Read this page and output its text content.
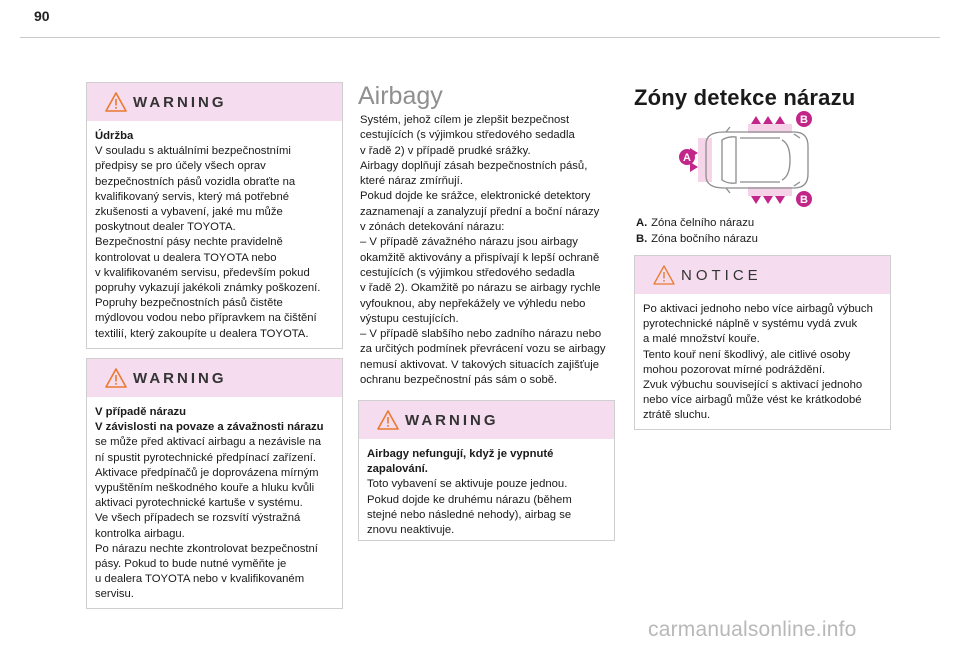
90
WARNING
Údržba
V souladu s aktuálními bezpečnostními
předpisy se pro účely všech oprav
bezpečnostních pásů vozidla obraťte na
kvalifikovaný servis, který má potřebné
zkušenosti a vybavení, jaké mu může
poskytnout dealer TOYOTA.
Bezpečnostní pásy nechte pravidelně
kontrolovat u dealera TOYOTA nebo
v kvalifikovaném servisu, především pokud
popruhy vykazují jakékoli známky poškození.
Popruhy bezpečnostních pásů čistěte
mýdlovou vodou nebo přípravkem na čištění
textilií, který zakoupíte u dealera TOYOTA.
WARNING
V případě nárazu
V závislosti na povaze a závažnosti nárazu
se může před aktivací airbagu a nezávisle na
ní spustit pyrotechnické předpínací zařízení.
Aktivace předpínačů je doprovázena mírným
vypuštěním neškodného kouře a hluku kvůli
aktivaci pyrotechnické kartuše v systému.
Ve všech případech se rozsvítí výstražná
kontrolka airbagu.
Po nárazu nechte zkontrolovat bezpečnostní
pásy. Pokud to bude nutné vyměňte je
u dealera TOYOTA nebo v kvalifikovaném
servisu.
Airbagy
Systém, jehož cílem je zlepšit bezpečnost
cestujících (s výjimkou středového sedadla
v řadě 2) v případě prudké srážky.
Airbagy doplňují zásah bezpečnostních pásů,
které náraz zmírňují.
Pokud dojde ke srážce, elektronické detektory
zaznamenají a zanalyzují přední a boční nárazy
v zónách detekování nárazu:
– V případě závažného nárazu jsou airbagy
okamžitě aktivovány a přispívají k lepší ochraně
cestujících (s výjimkou středového sedadla
v řadě 2). Okamžitě po nárazu se airbagy rychle
vyfouknou, aby nepřekážely ve výhledu nebo
výstupu cestujících.
– V případě slabšího nebo zadního nárazu nebo
za určitých podmínek převrácení vozu se airbagy
nemusí aktivovat. V takových situacích zajišťuje
ochranu bezpečnostní pás sám o sobě.
WARNING
Airbagy nefungují, když je vypnuté
zapalování.
Toto vybavení se aktivuje pouze jednou.
Pokud dojde ke druhému nárazu (během
stejné nebo následné nehody), airbag se
znovu neaktivuje.
Zóny detekce nárazu
A
B
B
A. Zóna čelního nárazu
B. Zóna bočního nárazu
NOTICE
Po aktivaci jednoho nebo více airbagů výbuch
pyrotechnické náplně v systému vydá zvuk
a malé množství kouře.
Tento kouř není škodlivý, ale citlivé osoby
mohou pozorovat mírné podráždění.
Zvuk výbuchu související s aktivací jednoho
nebo více airbagů může vést ke krátkodobé
ztrátě sluchu.
carmanualsonline.info
